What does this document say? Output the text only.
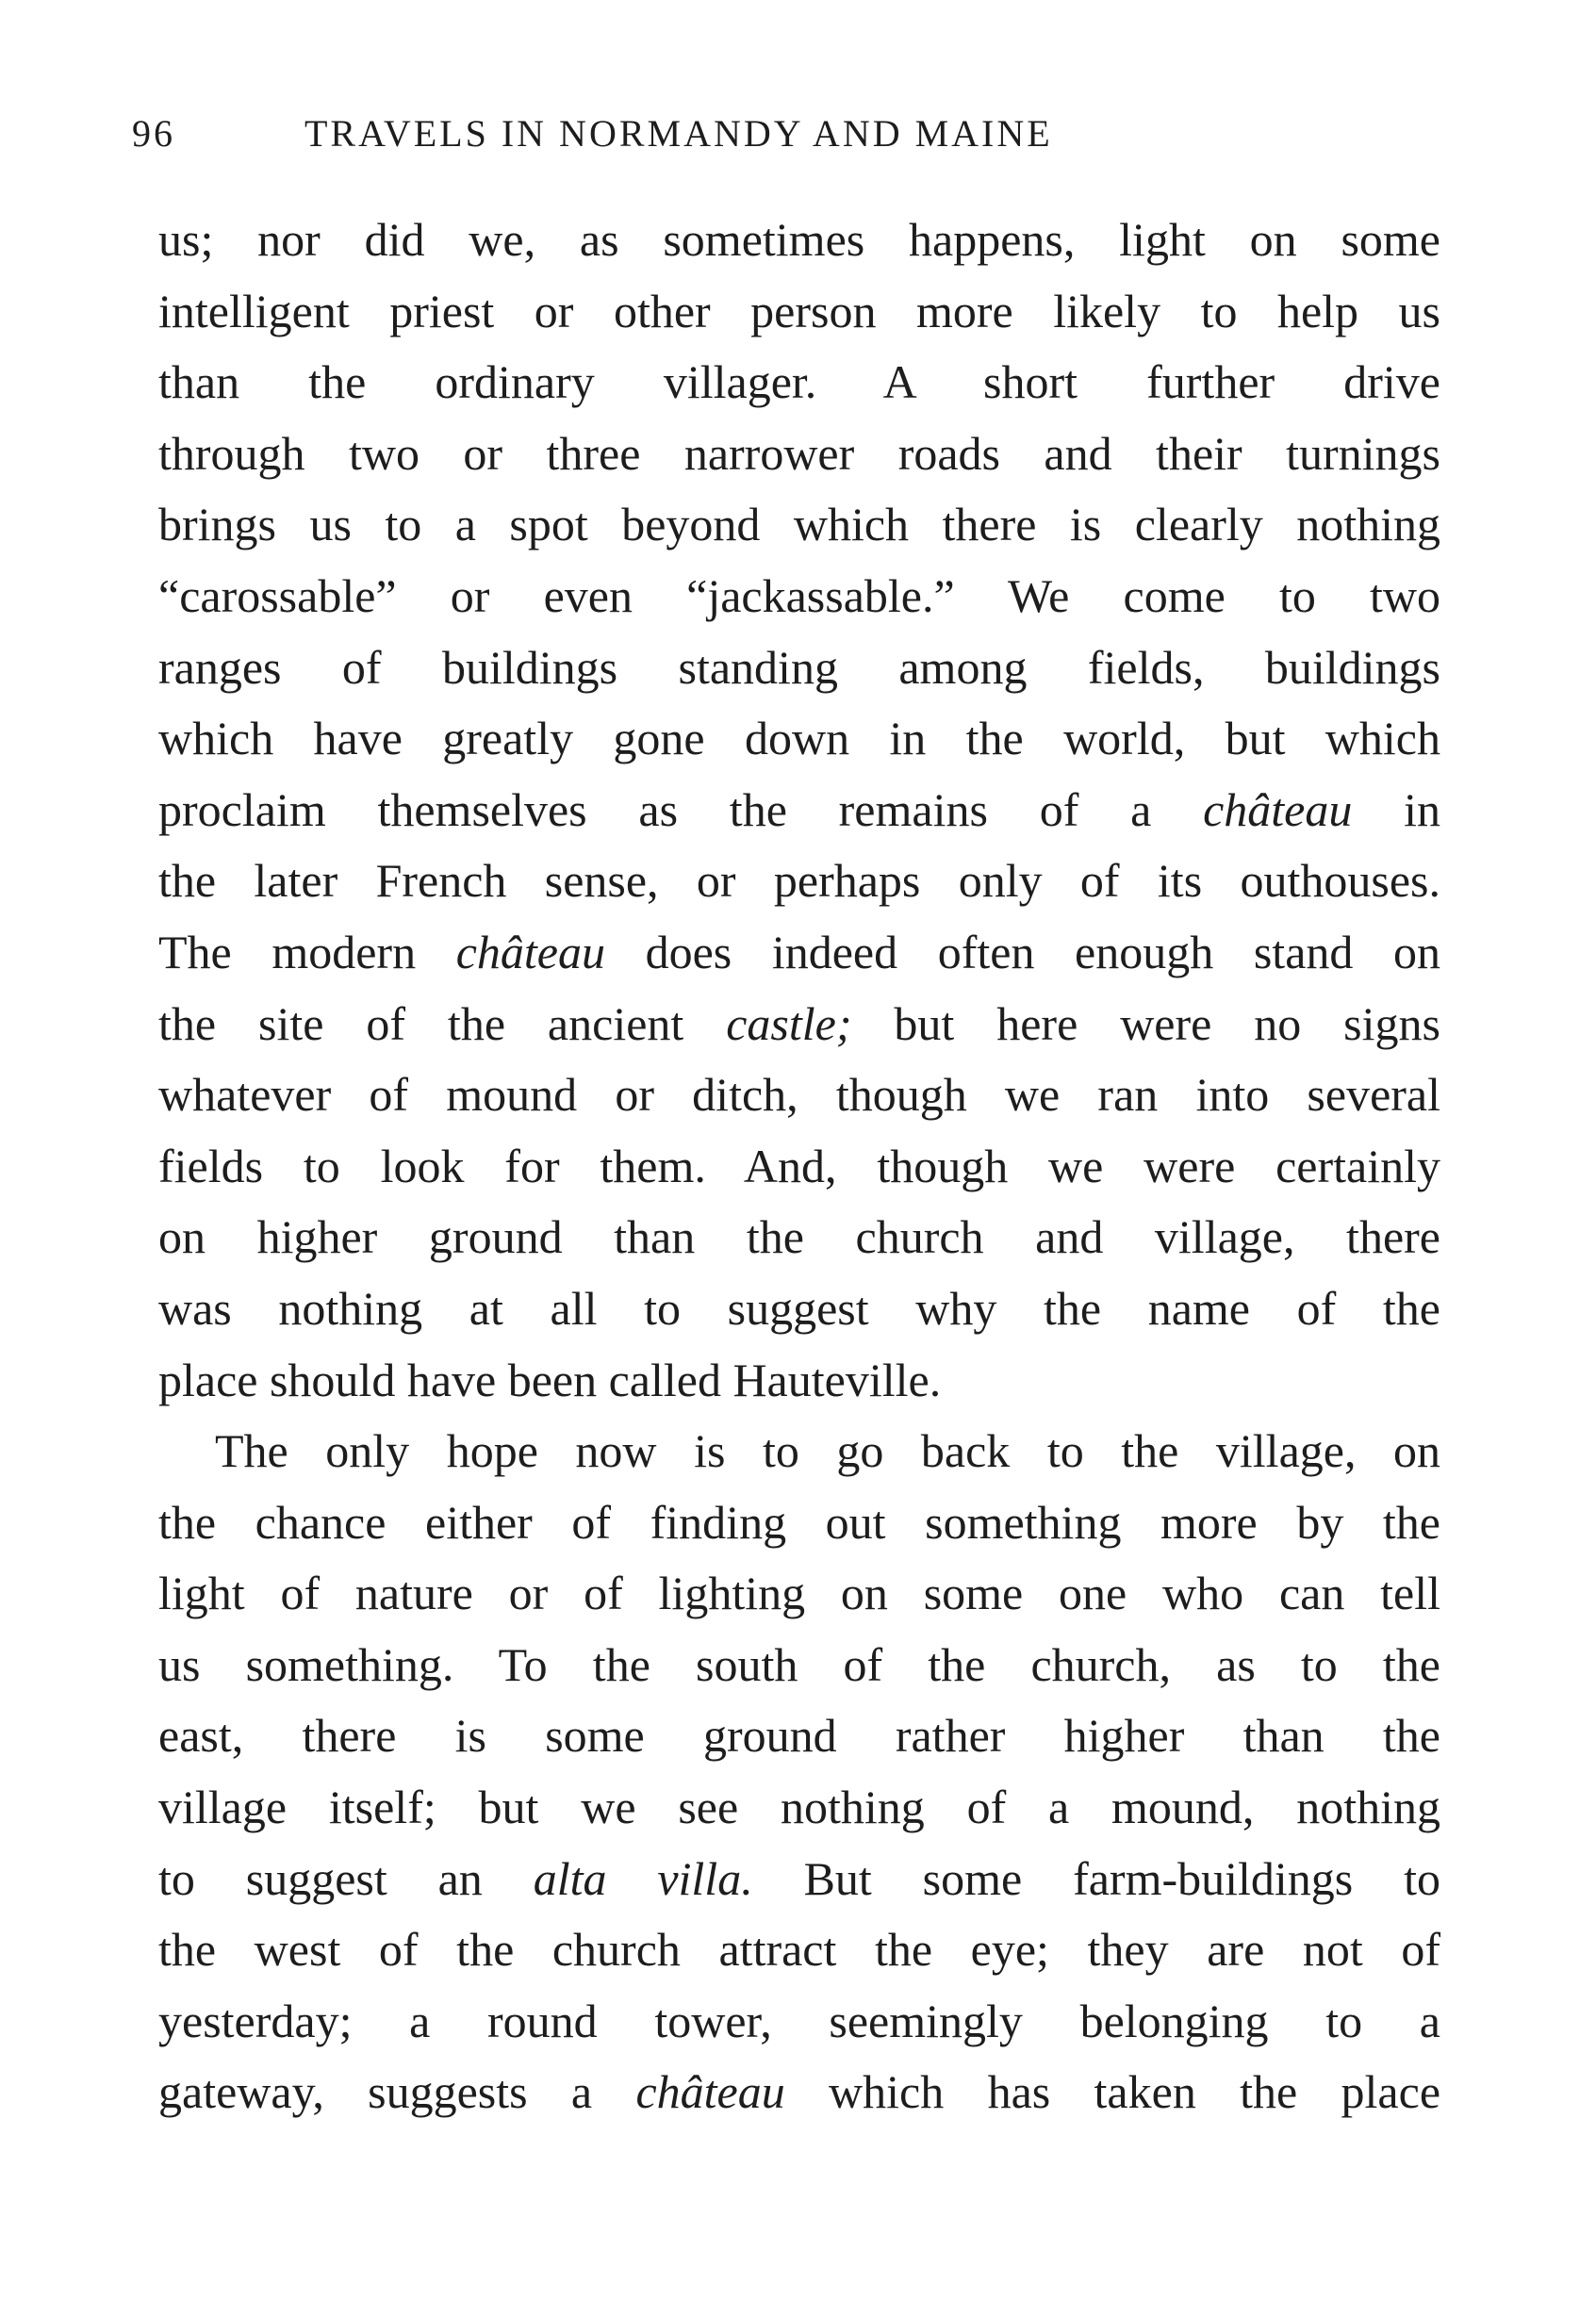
96	TRAVELS IN NORMANDY AND MAINE
us; nor did we, as sometimes happens, light on some
intelligent priest or other person more likely to help us
than the ordinary villager. A short further drive
through two or three narrower roads and their turnings
brings us to a spot beyond which there is clearly nothing
“carossable” or even “jackassable.” We come to two
ranges of buildings standing among fields, buildings
which have greatly gone down in the world, but which
proclaim themselves as the remains of a château in
the later French sense, or perhaps only of its outhouses.
The modern château does indeed often enough stand on
the site of the ancient castle; but here were no signs
whatever of mound or ditch, though we ran into several
fields to look for them. And, though we were certainly
on higher ground than the church and village, there
was nothing at all to suggest why the name of the
place should have been called Hauteville.
The only hope now is to go back to the village, on
the chance either of finding out something more by the
light of nature or of lighting on some one who can tell
us something. To the south of the church, as to the
east, there is some ground rather higher than the
village itself; but we see nothing of a mound, nothing
to suggest an alta villa. But some farm-buildings to
the west of the church attract the eye; they are not of
yesterday; a round tower, seemingly belonging to a
gateway, suggests a château which has taken the place
